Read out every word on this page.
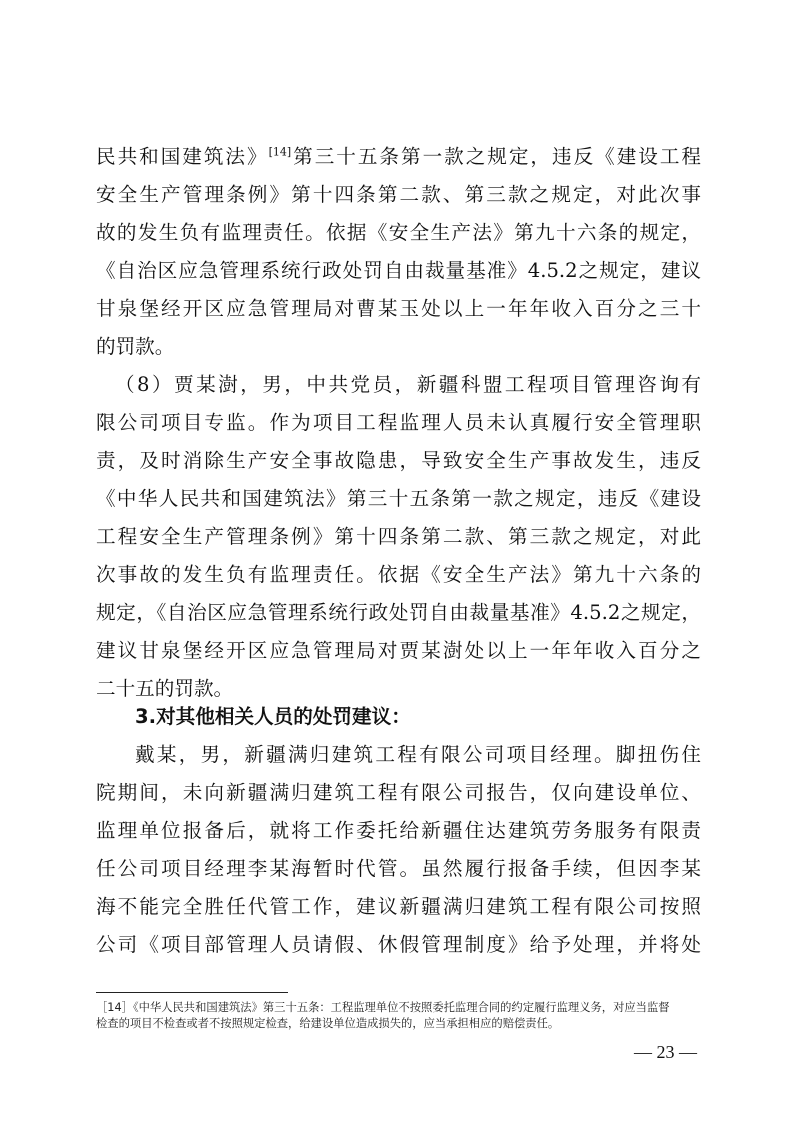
民共和国建筑法》[14]第三十五条第一款之规定，违反《建设工程
安全生产管理条例》第十四条第二款、第三款之规定，对此次事
故的发生负有监理责任。依据《安全生产法》第九十六条的规定，
《自治区应急管理系统行政处罚自由裁量基准》4.5.2之规定，建议
甘泉堡经开区应急管理局对曹某玉处以上一年年收入百分之三十
的罚款。
（8）贾某澍，男，中共党员，新疆科盟工程项目管理咨询有
限公司项目专监。作为项目工程监理人员未认真履行安全管理职
责，及时消除生产安全事故隐患，导致安全生产事故发生，违反
《中华人民共和国建筑法》第三十五条第一款之规定，违反《建设
工程安全生产管理条例》第十四条第二款、第三款之规定，对此
次事故的发生负有监理责任。依据《安全生产法》第九十六条的
规定，《自治区应急管理系统行政处罚自由裁量基准》4.5.2之规定，
建议甘泉堡经开区应急管理局对贾某澍处以上一年年收入百分之
二十五的罚款。
3.对其他相关人员的处罚建议：
戴某，男，新疆满归建筑工程有限公司项目经理。脚扭伤住
院期间，未向新疆满归建筑工程有限公司报告，仅向建设单位、
监理单位报备后，就将工作委托给新疆住达建筑劳务服务有限责
任公司项目经理李某海暂时代管。虽然履行报备手续，但因李某
海不能完全胜任代管工作，建议新疆满归建筑工程有限公司按照
公司《项目部管理人员请假、休假管理制度》给予处理，并将处
［14］《中华人民共和国建筑法》第三十五条：工程监理单位不按照委托监理合同的约定履行监理义务，对应当监督
检查的项目不检查或者不按照规定检查，给建设单位造成损失的，应当承担相应的赔偿责任。
— 23 —
